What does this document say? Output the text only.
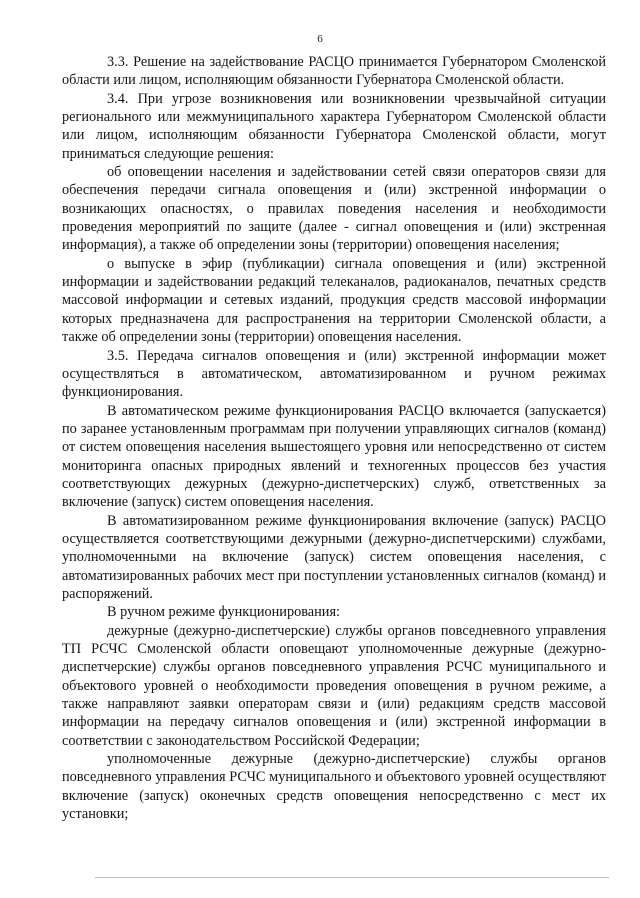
6

3.3. Решение на задействование РАСЦО принимается Губернатором Смоленской области или лицом, исполняющим обязанности Губернатора Смоленской области.

3.4. При угрозе возникновения или возникновении чрезвычайной ситуации регионального или межмуниципального характера Губернатором Смоленской области или лицом, исполняющим обязанности Губернатора Смоленской области, могут приниматься следующие решения:

об оповещении населения и задействовании сетей связи операторов связи для обеспечения передачи сигнала оповещения и (или) экстренной информации о возникающих опасностях, о правилах поведения населения и необходимости проведения мероприятий по защите (далее - сигнал оповещения и (или) экстренная информация), а также об определении зоны (территории) оповещения населения;

о выпуске в эфир (публикации) сигнала оповещения и (или) экстренной информации и задействовании редакций телеканалов, радиоканалов, печатных средств массовой информации и сетевых изданий, продукция средств массовой информации которых предназначена для распространения на территории Смоленской области, а также об определении зоны (территории) оповещения населения.

3.5. Передача сигналов оповещения и (или) экстренной информации может осуществляться в автоматическом, автоматизированном и ручном режимах функционирования.

В автоматическом режиме функционирования РАСЦО включается (запускается) по заранее установленным программам при получении управляющих сигналов (команд) от систем оповещения населения вышестоящего уровня или непосредственно от систем мониторинга опасных природных явлений и техногенных процессов без участия соответствующих дежурных (дежурно-диспетчерских) служб, ответственных за включение (запуск) систем оповещения населения.

В автоматизированном режиме функционирования включение (запуск) РАСЦО осуществляется соответствующими дежурными (дежурно-диспетчерскими) службами, уполномоченными на включение (запуск) систем оповещения населения, с автоматизированных рабочих мест при поступлении установленных сигналов (команд) и распоряжений.

В ручном режиме функционирования:

дежурные (дежурно-диспетчерские) службы органов повседневного управления ТП РСЧС Смоленской области оповещают уполномоченные дежурные (дежурно-диспетчерские) службы органов повседневного управления РСЧС муниципального и объектового уровней о необходимости проведения оповещения в ручном режиме, а также направляют заявки операторам связи и (или) редакциям средств массовой информации на передачу сигналов оповещения и (или) экстренной информации в соответствии с законодательством Российской Федерации;

уполномоченные дежурные (дежурно-диспетчерские) службы органов повседневного управления РСЧС муниципального и объектового уровней осуществляют включение (запуск) оконечных средств оповещения непосредственно с мест их установки;
